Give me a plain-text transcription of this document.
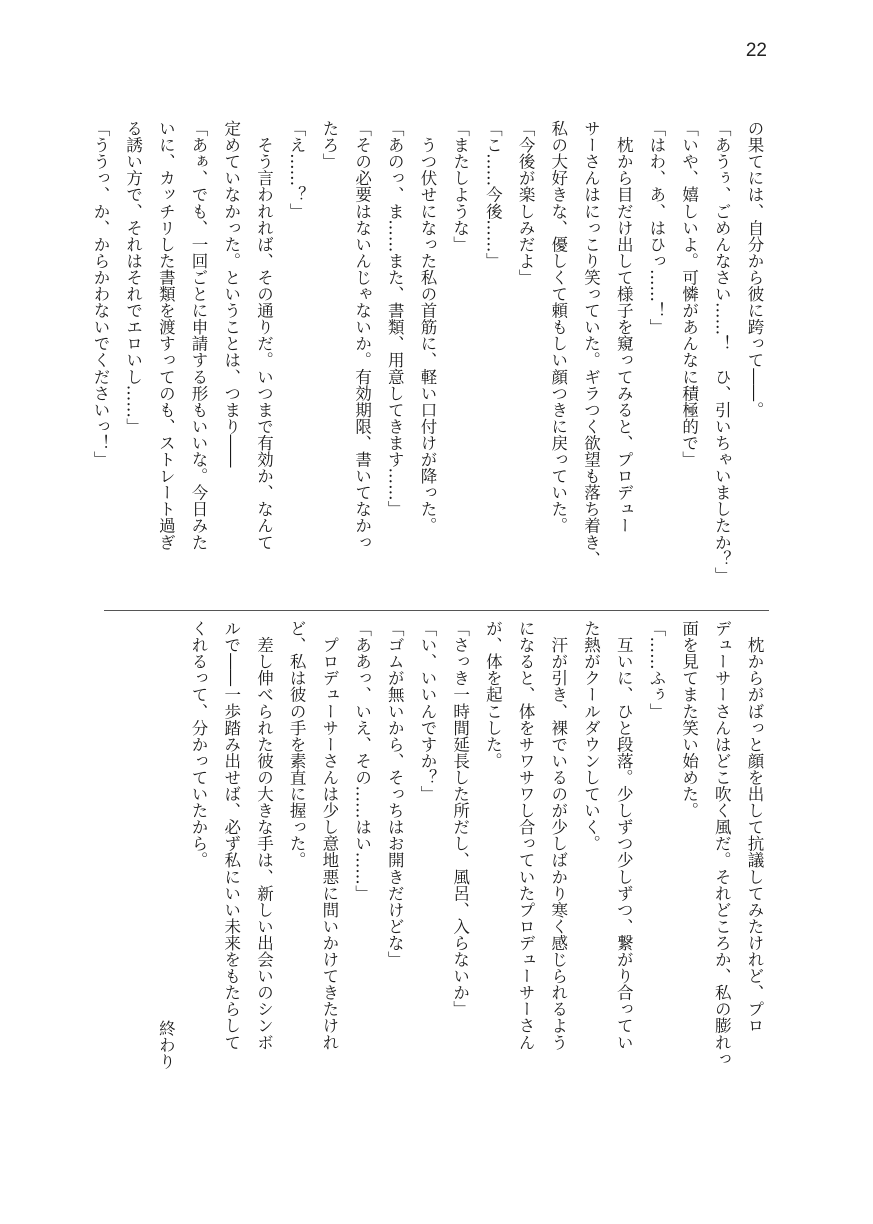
22
の果てには、自分から彼に跨って――。
「あうぅ、ごめんなさい……！　ひ、引いちゃいましたか？」
「いや、嬉しいよ。可憐があんなに積極的で」
「はわ、あ、はひっ……！」
　枕から目だけ出して様子を窺ってみると、プロデュー
サーさんはにっこり笑っていた。ギラつく欲望も落ち着き、
私の大好きな、優しくて頼もしい顔つきに戻っていた。
「今後が楽しみだよ」
「こ……今後……」
「またしような」
　うつ伏せになった私の首筋に、軽い口付けが降った。
「あのっ、ま……また、書類、用意してきます……」
「その必要はないんじゃないか。有効期限、書いてなかっ
たろ」
「え……？」
　そう言われれば、その通りだ。いつまで有効か、なんて
定めていなかった。ということは、つまり――
「あぁ、でも、一回ごとに申請する形もいいな。今日みた
いに、カッチリした書類を渡すってのも、ストレート過ぎ
る誘い方で、それはそれでエロいし……」
「ううっ、か、からかわないでくださいっ！」
　枕からがばっと顔を出して抗議してみたけれど、プロ
デューサーさんはどこ吹く風だ。それどころか、私の膨れっ
面を見てまた笑い始めた。
「……ふぅ」
　互いに、ひと段落。少しずつ少しずつ、繋がり合ってい
た熱がクールダウンしていく。
　汗が引き、裸でいるのが少しばかり寒く感じられるよう
になると、体をサワサワし合っていたプロデューサーさん
が、体を起こした。
「さっき一時間延長した所だし、風呂、入らないか」
「い、いいんですか？」
「ゴムが無いから、そっちはお開きだけどな」
「ああっ、いえ、その……はい……」
　プロデューサーさんは少し意地悪に問いかけてきたけれ
ど、私は彼の手を素直に握った。
　差し伸べられた彼の大きな手は、新しい出会いのシンボ
ルで――一歩踏み出せば、必ず私にいい未来をもたらして
くれるって、分かっていたから。
終わり
